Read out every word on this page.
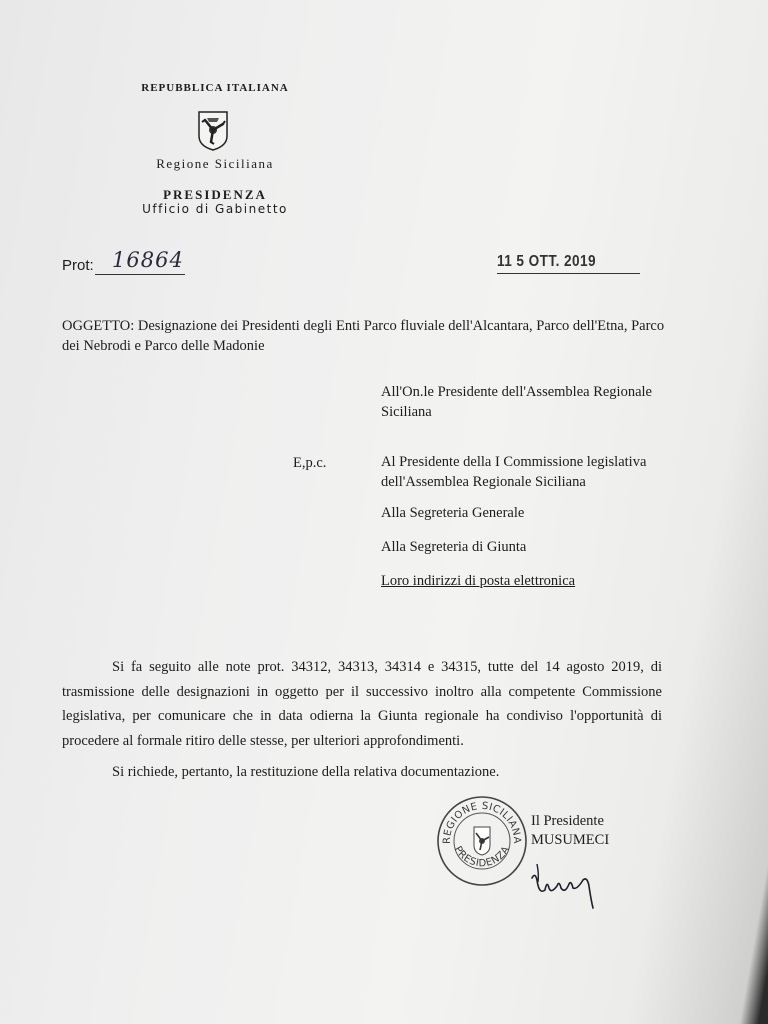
REPUBBLICA ITALIANA
Regione Siciliana
PRESIDENZA
Ufficio di Gabinetto
Prot: 16864	11 5 OTT. 2019
OGGETTO: Designazione dei Presidenti degli Enti Parco fluviale dell'Alcantara, Parco dell'Etna, Parco dei Nebrodi e Parco delle Madonie
All'On.le Presidente dell'Assemblea Regionale Siciliana
E,p.c.	Al Presidente della I Commissione legislativa dell'Assemblea Regionale Siciliana
Alla Segreteria Generale
Alla Segreteria di Giunta
Loro indirizzi di posta elettronica
Si fa seguito alle note prot. 34312, 34313, 34314 e 34315, tutte del 14 agosto 2019, di trasmissione delle designazioni in oggetto per il successivo inoltro alla competente Commissione legislativa, per comunicare che in data odierna la Giunta regionale ha condiviso l'opportunità di procedere al formale ritiro delle stesse, per ulteriori approfondimenti.
Si richiede, pertanto, la restituzione della relativa documentazione.
REGIONE SICILIANA
PRESIDENZA
Il Presidente
MUSUMECI
